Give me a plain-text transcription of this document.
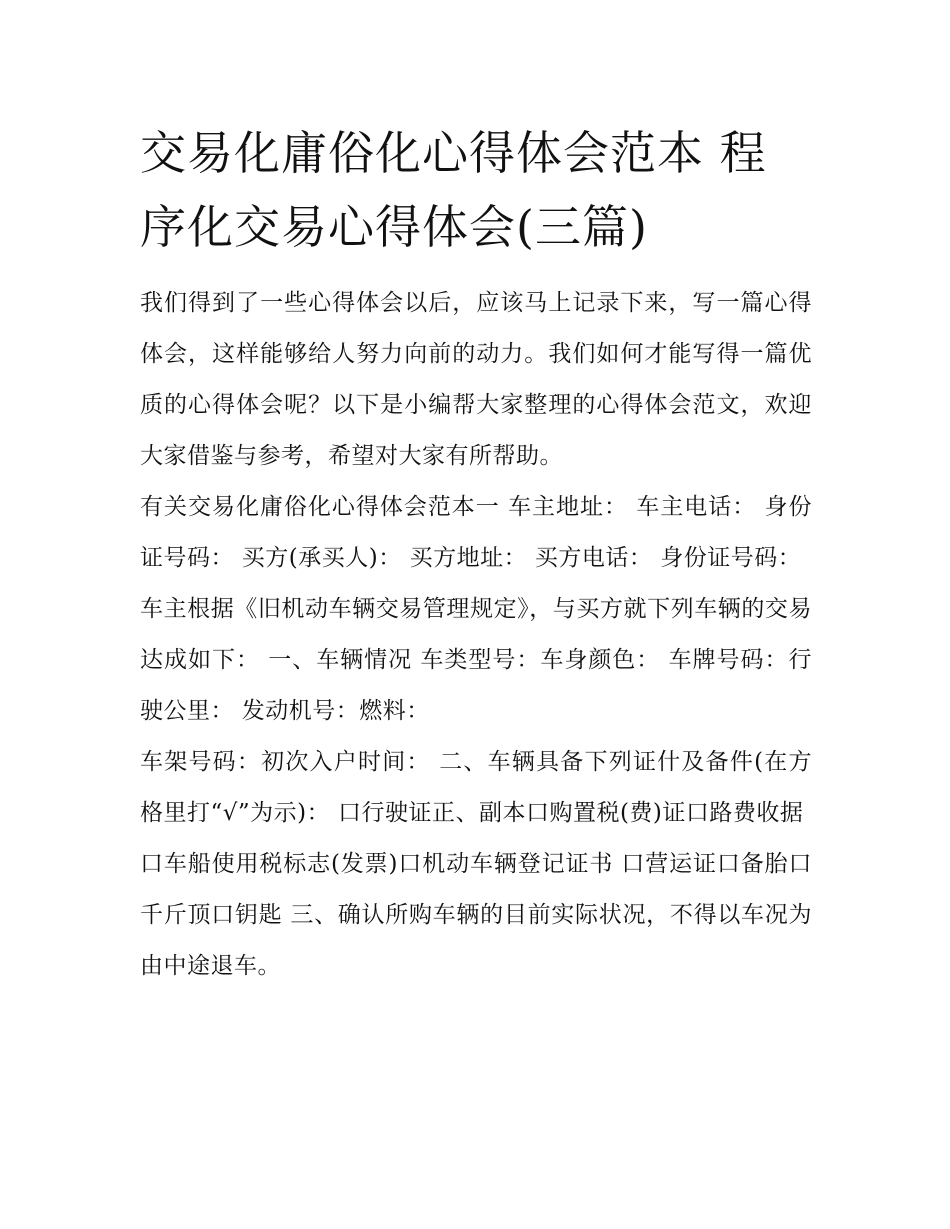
交易化庸俗化心得体会范本 程序化交易心得体会(三篇)

我们得到了一些心得体会以后，应该马上记录下来，写一篇心得体会，这样能够给人努力向前的动力。我们如何才能写得一篇优质的心得体会呢？以下是小编帮大家整理的心得体会范文，欢迎大家借鉴与参考，希望对大家有所帮助。

有关交易化庸俗化心得体会范本一 车主地址： 车主电话： 身份证号码： 买方(承买人)： 买方地址： 买方电话： 身份证号码：

车主根据《旧机动车辆交易管理规定》，与买方就下列车辆的交易达成如下： 一、车辆情况 车类型号：车身颜色： 车牌号码：行驶公里： 发动机号：燃料：

车架号码：初次入户时间： 二、车辆具备下列证什及备件(在方格里打“√”为示)： 口行驶证正、副本口购置税(费)证口路费收据

口车船使用税标志(发票)口机动车辆登记证书 口营运证口备胎口千斤顶口钥匙 三、确认所购车辆的目前实际状况，不得以车况为由中途退车。
